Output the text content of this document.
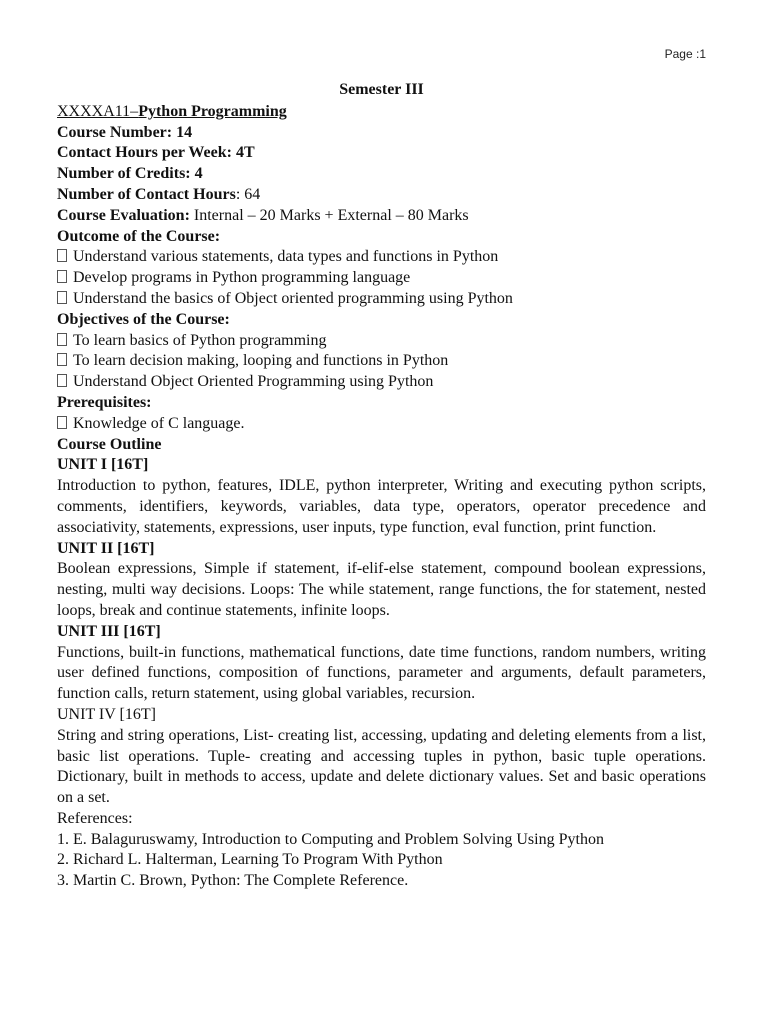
Page :1
Semester III
XXXXA11–Python Programming
Course Number: 14
Contact Hours per Week: 4T
Number of Credits: 4
Number of Contact Hours: 64
Course Evaluation: Internal – 20 Marks + External – 80 Marks
Outcome of the Course:
Understand various statements, data types and functions in Python
Develop programs in Python programming language
Understand the basics of Object oriented programming using Python
Objectives of the Course:
To learn basics of Python programming
To learn decision making, looping and functions in Python
Understand Object Oriented Programming using Python
Prerequisites:
Knowledge of C language.
Course Outline
UNIT I [16T]
Introduction to python, features, IDLE, python interpreter, Writing and executing python scripts, comments, identifiers, keywords, variables, data type, operators, operator precedence and associativity, statements, expressions, user inputs, type function, eval function, print function.
UNIT II [16T]
Boolean expressions, Simple if statement, if-elif-else statement, compound boolean expressions, nesting, multi way decisions. Loops: The while statement, range functions, the for statement, nested loops, break and continue statements, infinite loops.
UNIT III [16T]
Functions, built-in functions, mathematical functions, date time functions, random numbers, writing user defined functions, composition of functions, parameter and arguments, default parameters, function calls, return statement, using global variables, recursion.
UNIT IV [16T]
String and string operations, List- creating list, accessing, updating and deleting elements from a list, basic list operations. Tuple- creating and accessing tuples in python, basic tuple operations. Dictionary, built in methods to access, update and delete dictionary values. Set and basic operations on a set.
References:
1. E. Balaguruswamy, Introduction to Computing and Problem Solving Using Python
2. Richard L. Halterman, Learning To Program With Python
3. Martin C. Brown, Python: The Complete Reference.
